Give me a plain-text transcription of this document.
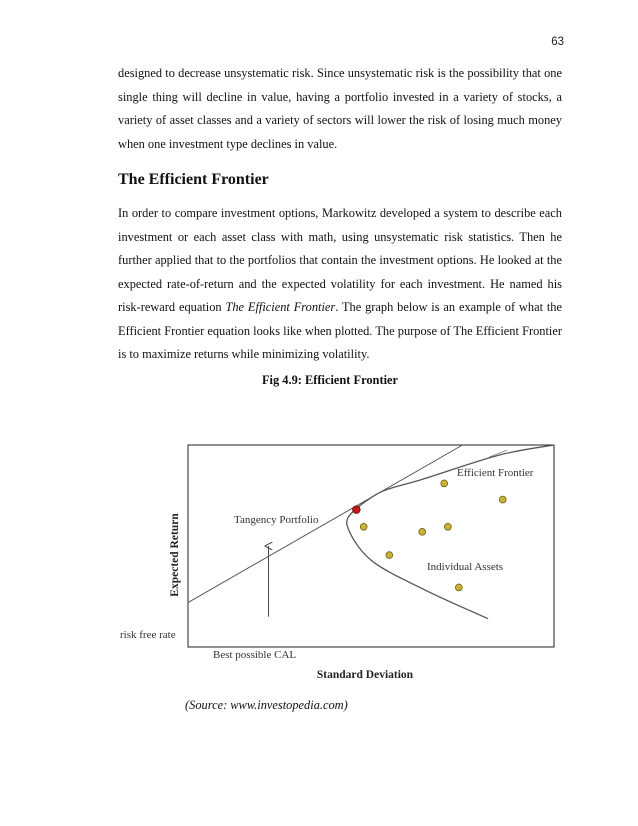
63

designed to decrease unsystematic risk. Since unsystematic risk is the possibility that one single thing will decline in value, having a portfolio invested in a variety of stocks, a variety of asset classes and a variety of sectors will lower the risk of losing much money when one investment type declines in value.

The Efficient Frontier

In order to compare investment options, Markowitz developed a system to describe each investment or each asset class with math, using unsystematic risk statistics. Then he further applied that to the portfolios that contain the investment options. He looked at the expected rate-of-return and the expected volatility for each investment. He named his risk-reward equation The Efficient Frontier. The graph below is an example of what the Efficient Frontier equation looks like when plotted. The purpose of The Efficient Frontier is to maximize returns while minimizing volatility.

Fig 4.9: Efficient Frontier

Expected Return
Standard Deviation
Efficient Frontier
Tangency Portfolio
Individual Assets
risk free rate
Best possible CAL

(Source: www.investopedia.com)
